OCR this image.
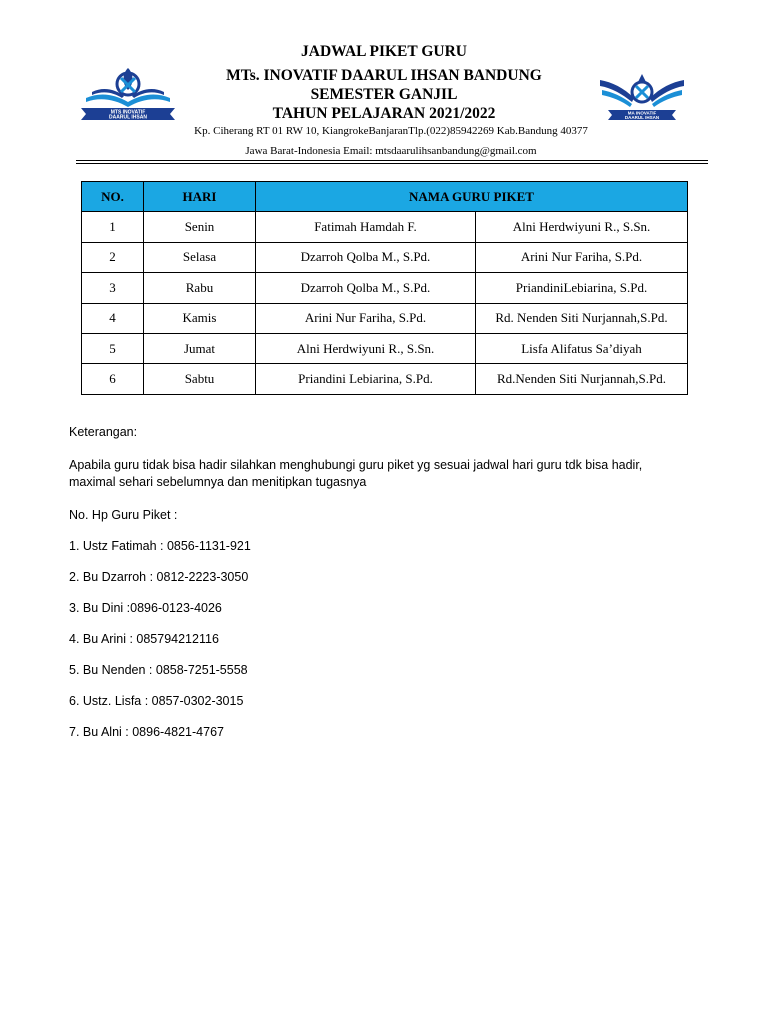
JADWAL PIKET GURU
MTS INOVATIF
DAARUL IHSAN
MA INOVATIF
DAARUL IHSAN
MTs. INOVATIF DAARUL IHSAN BANDUNG
SEMESTER GANJIL
TAHUN PELAJARAN 2021/2022
Kp. Ciherang RT 01 RW 10, KiangrokeBanjaranTlp.(022)85942269 Kab.Bandung 40377
Jawa Barat-Indonesia Email: mtsdaarulihsanbandung@gmail.com
NO.	HARI	NAMA GURU PIKET	
1	Senin	Fatimah Hamdah F.	Alni Herdwiyuni R., S.Sn.
2	Selasa	Dzarroh Qolba M., S.Pd.	Arini Nur Fariha, S.Pd.
3	Rabu	Dzarroh Qolba M., S.Pd.	PriandiniLebiarina, S.Pd.
4	Kamis	Arini Nur Fariha, S.Pd.	Rd. Nenden Siti Nurjannah,S.Pd.
5	Jumat	Alni Herdwiyuni R., S.Sn.	Lisfa Alifatus Sa’diyah
6	Sabtu	Priandini Lebiarina, S.Pd.	Rd.Nenden Siti Nurjannah,S.Pd.

Keterangan:

Apabila guru tidak bisa hadir silahkan menghubungi guru piket yg sesuai jadwal hari guru tdk bisa hadir,
maximal sehari sebelumnya dan menitipkan tugasnya

No. Hp Guru Piket :

1. Ustz Fatimah : 0856-1131-921

2. Bu Dzarroh : 0812-2223-3050

3. Bu Dini :0896-0123-4026

4. Bu Arini : 085794212116

5. Bu Nenden : 0858-7251-5558

6. Ustz. Lisfa : 0857-0302-3015

7. Bu Alni : 0896-4821-4767
